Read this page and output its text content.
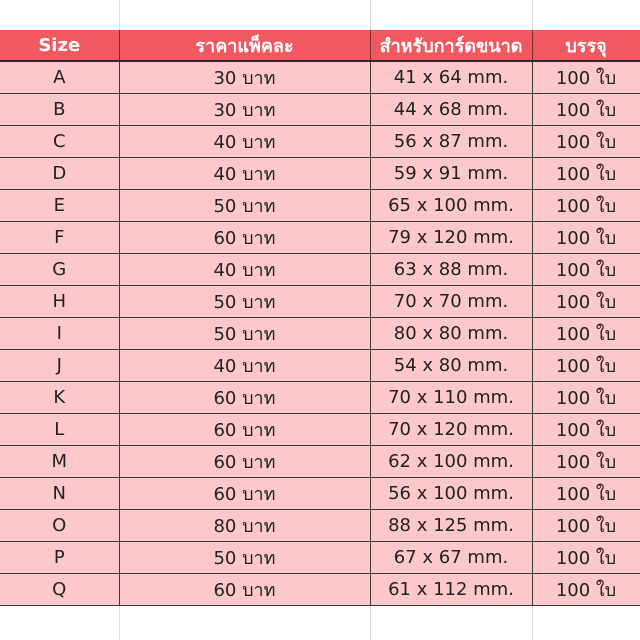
Size	ราคาแพ็คละ	สำหรับการ์ดขนาด	บรรจุ
A	30 บาท	41 x 64 mm.	100 ใบ
B	30 บาท	44 x 68 mm.	100 ใบ
C	40 บาท	56 x 87 mm.	100 ใบ
D	40 บาท	59 x 91 mm.	100 ใบ
E	50 บาท	65 x 100 mm.	100 ใบ
F	60 บาท	79 x 120 mm.	100 ใบ
G	40 บาท	63 x 88 mm.	100 ใบ
H	50 บาท	70 x 70 mm.	100 ใบ
I	50 บาท	80 x 80 mm.	100 ใบ
J	40 บาท	54 x 80 mm.	100 ใบ
K	60 บาท	70 x 110 mm.	100 ใบ
L	60 บาท	70 x 120 mm.	100 ใบ
M	60 บาท	62 x 100 mm.	100 ใบ
N	60 บาท	56 x 100 mm.	100 ใบ
O	80 บาท	88 x 125 mm.	100 ใบ
P	50 บาท	67 x 67 mm.	100 ใบ
Q	60 บาท	61 x 112 mm.	100 ใบ
